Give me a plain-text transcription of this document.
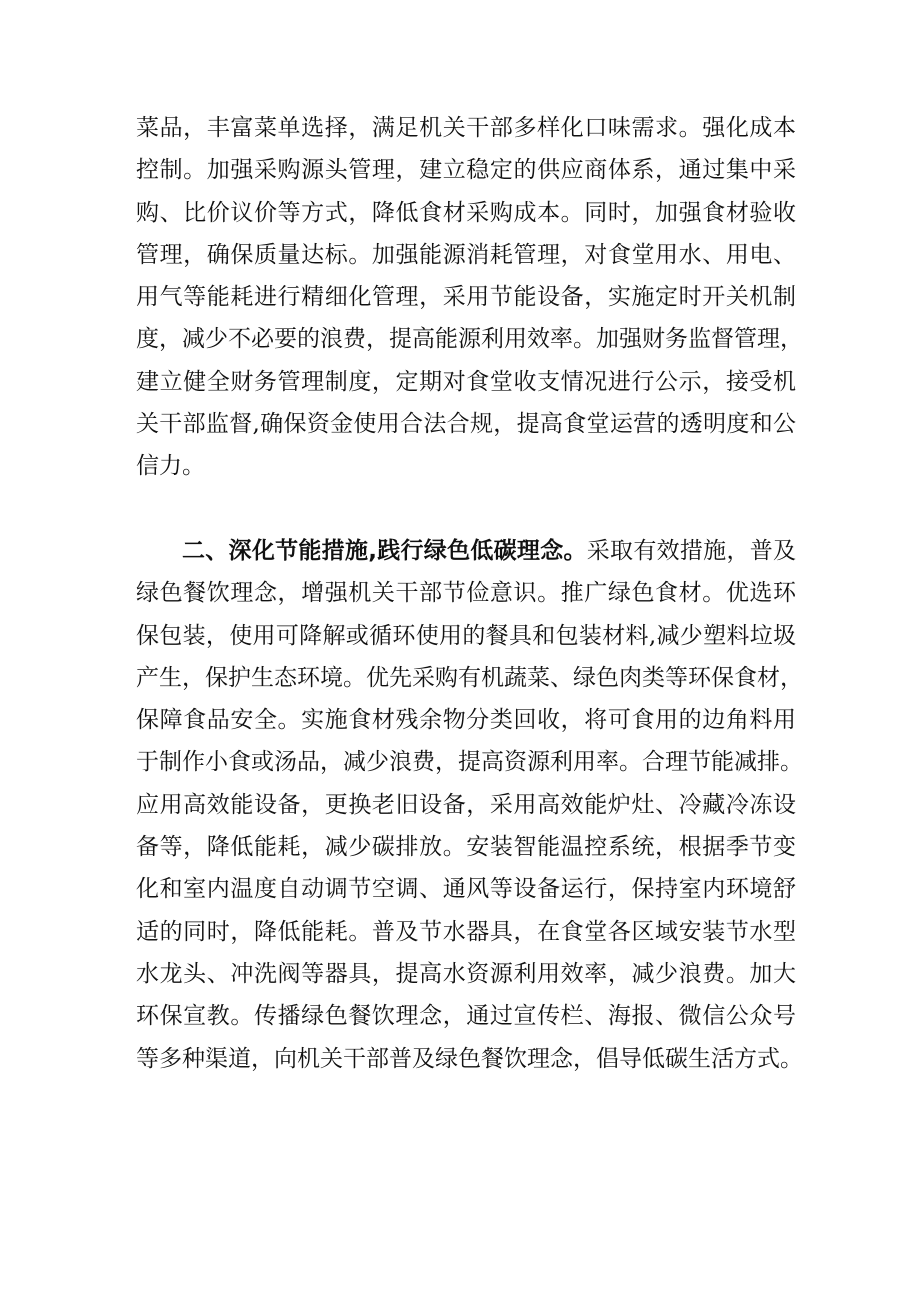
菜品，丰富菜单选择，满足机关干部多样化口味需求。强化成本
控制。加强采购源头管理，建立稳定的供应商体系，通过集中采
购、比价议价等方式，降低食材采购成本。同时，加强食材验收
管理，确保质量达标。加强能源消耗管理，对食堂用水、用电、
用气等能耗进行精细化管理，采用节能设备，实施定时开关机制
度，减少不必要的浪费，提高能源利用效率。加强财务监督管理，
建立健全财务管理制度，定期对食堂收支情况进行公示，接受机
关干部监督,确保资金使用合法合规，提高食堂运营的透明度和公
信力。
二、深化节能措施,践行绿色低碳理念。采取有效措施，普及
绿色餐饮理念，增强机关干部节俭意识。推广绿色食材。优选环
保包装，使用可降解或循环使用的餐具和包装材料,减少塑料垃圾
产生，保护生态环境。优先采购有机蔬菜、绿色肉类等环保食材，
保障食品安全。实施食材残余物分类回收，将可食用的边角料用
于制作小食或汤品，减少浪费，提高资源利用率。合理节能减排。
应用高效能设备，更换老旧设备，采用高效能炉灶、冷藏冷冻设
备等，降低能耗，减少碳排放。安装智能温控系统，根据季节变
化和室内温度自动调节空调、通风等设备运行，保持室内环境舒
适的同时，降低能耗。普及节水器具，在食堂各区域安装节水型
水龙头、冲洗阀等器具，提高水资源利用效率，减少浪费。加大
环保宣教。传播绿色餐饮理念，通过宣传栏、海报、微信公众号
等多种渠道，向机关干部普及绿色餐饮理念，倡导低碳生活方式。
